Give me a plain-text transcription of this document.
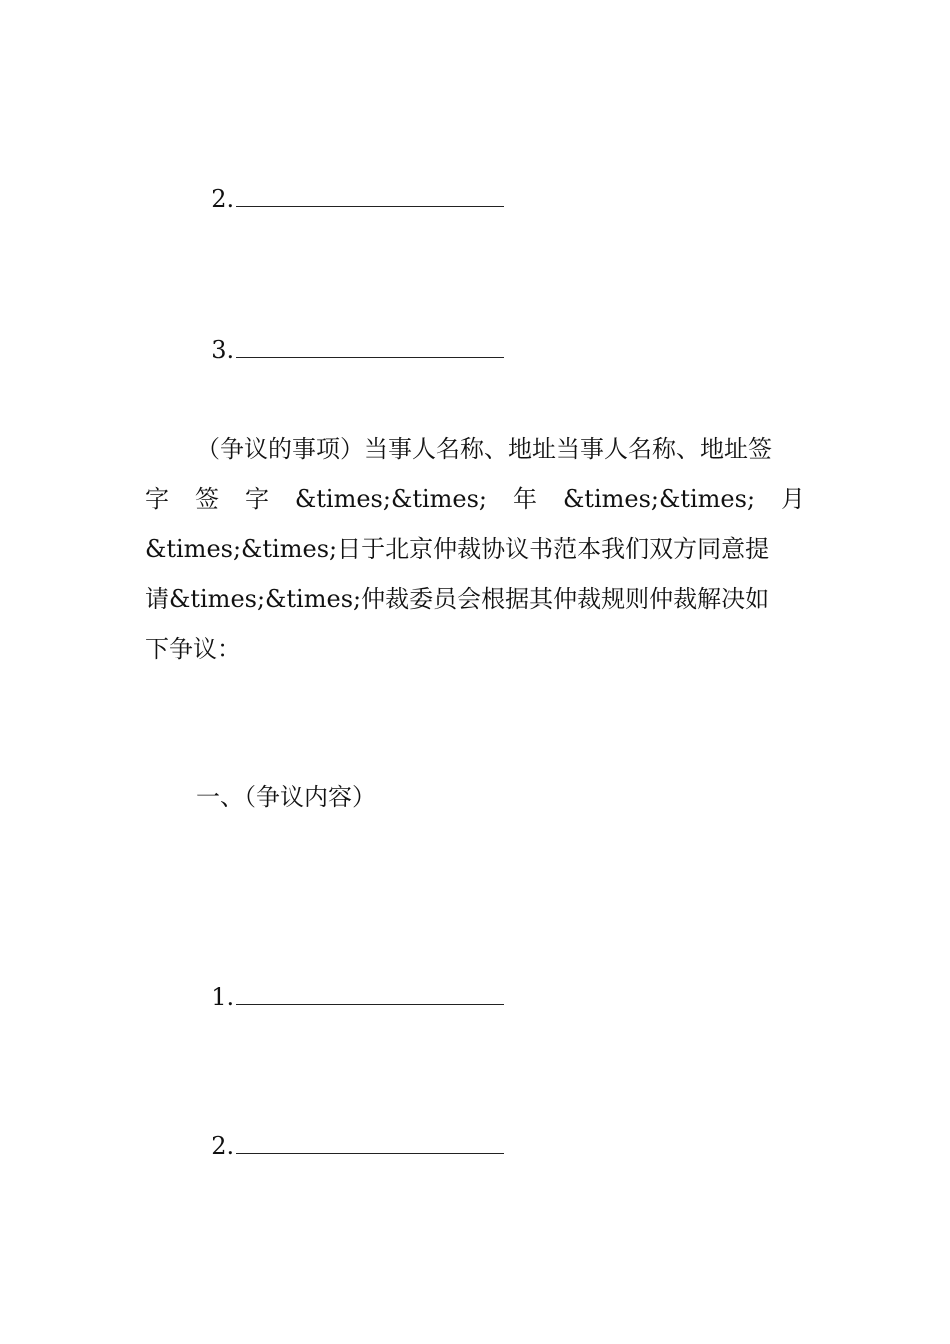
2.

3.

（争议的事项）当事人名称、地址当事人名称、地址签
字 签 字 &times;&times; 年 &times;&times; 月
&times;&times;日于北京仲裁协议书范本我们双方同意提
请&times;&times;仲裁委员会根据其仲裁规则仲裁解决如
下争议：
一、（争议内容）

1.

2.
